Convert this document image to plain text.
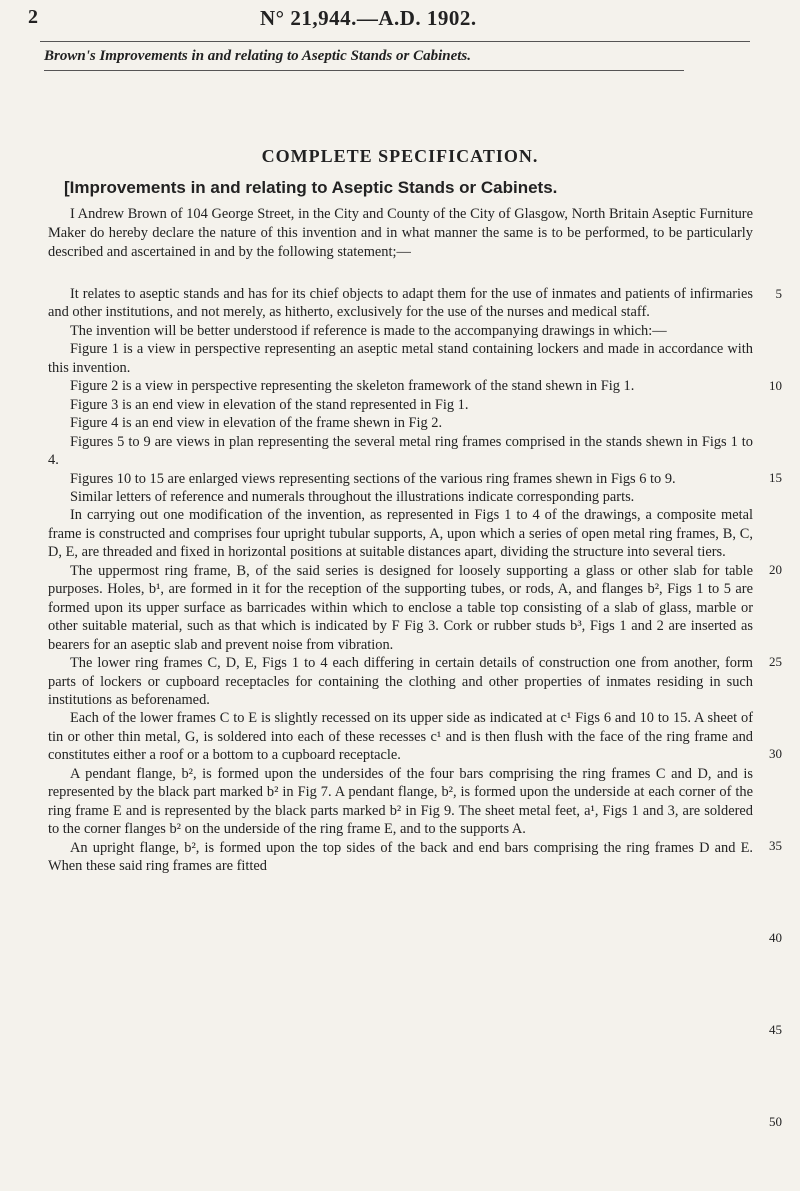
2	N° 21,944.—A.D. 1902.
Brown's Improvements in and relating to Aseptic Stands or Cabinets.
COMPLETE SPECIFICATION.
[Improvements in and relating to Aseptic Stands or Cabinets.

I Andrew Brown of 104 George Street, in the City and County of the City of Glasgow, North Britain Aseptic Furniture Maker do hereby declare the nature of this invention and in what manner the same is to be performed, to be particularly described and ascertained in and by the following statement;—

It relates to aseptic stands and has for its chief objects to adapt them for the use of inmates and patients of infirmaries and other institutions, and not merely, as hitherto, exclusively for the use of the nurses and medical staff.

The invention will be better understood if reference is made to the accompanying drawings in which:—

Figure 1 is a view in perspective representing an aseptic metal stand containing lockers and made in accordance with this invention.

Figure 2 is a view in perspective representing the skeleton framework of the stand shewn in Fig 1.

Figure 3 is an end view in elevation of the stand represented in Fig 1.

Figure 4 is an end view in elevation of the frame shewn in Fig 2.

Figures 5 to 9 are views in plan representing the several metal ring frames comprised in the stands shewn in Figs 1 to 4.

Figures 10 to 15 are enlarged views representing sections of the various ring frames shewn in Figs 6 to 9.

Similar letters of reference and numerals throughout the illustrations indicate corresponding parts.

In carrying out one modification of the invention, as represented in Figs 1 to 4 of the drawings, a composite metal frame is constructed and comprises four upright tubular supports, A, upon which a series of open metal ring frames, B, C, D, E, are threaded and fixed in horizontal positions at suitable distances apart, dividing the structure into several tiers.

The uppermost ring frame, B, of the said series is designed for loosely supporting a glass or other slab for table purposes. Holes, b¹, are formed in it for the reception of the supporting tubes, or rods, A, and flanges b², Figs 1 to 5 are formed upon its upper surface as barricades within which to enclose a table top consisting of a slab of glass, marble or other suitable material, such as that which is indicated by F Fig 3. Cork or rubber studs b³, Figs 1 and 2 are inserted as bearers for an aseptic slab and prevent noise from vibration.

The lower ring frames C, D, E, Figs 1 to 4 each differing in certain details of construction one from another, form parts of lockers or cupboard receptacles for containing the clothing and other properties of inmates residing in such institutions as beforenamed.

Each of the lower frames C to E is slightly recessed on its upper side as indicated at c¹ Figs 6 and 10 to 15. A sheet of tin or other thin metal, G, is soldered into each of these recesses c¹ and is then flush with the face of the ring frame and constitutes either a roof or a bottom to a cupboard receptacle.

A pendant flange, b², is formed upon the undersides of the four bars comprising the ring frames C and D, and is represented by the black part marked b² in Fig 7. A pendant flange, b², is formed upon the underside at each corner of the ring frame E and is represented by the black parts marked b² in Fig 9. The sheet metal feet, a¹, Figs 1 and 3, are soldered to the corner flanges b² on the underside of the ring frame E, and to the supports A.

An upright flange, b², is formed upon the top sides of the back and end bars comprising the ring frames D and E. When these said ring frames are fitted

5
10
15
20
25
30
35
40
45
50
